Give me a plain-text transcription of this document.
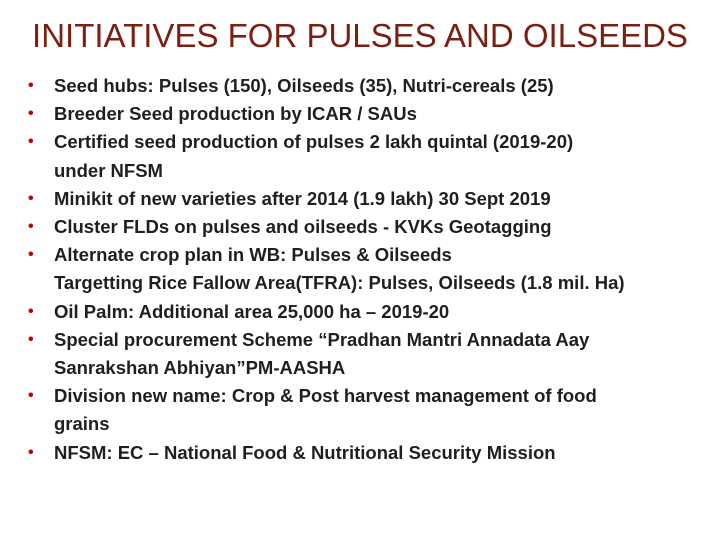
INITIATIVES FOR PULSES AND OILSEEDS
•	Seed hubs: Pulses (150), Oilseeds (35), Nutri-cereals (25)
•	Breeder Seed production by ICAR / SAUs
•	Certified seed production of pulses 2 lakh quintal (2019-20)
under NFSM
•	Minikit of new varieties after 2014 (1.9 lakh) 30 Sept 2019
•	Cluster FLDs on pulses and oilseeds - KVKs Geotagging
•	Alternate crop plan in WB: Pulses & Oilseeds
Targetting Rice Fallow Area(TFRA): Pulses, Oilseeds (1.8 mil. Ha)
•	Oil Palm: Additional area 25,000 ha – 2019-20
•	Special procurement Scheme “Pradhan Mantri Annadata Aay
Sanrakshan Abhiyan”PM-AASHA
•	Division new name: Crop & Post harvest management of food
grains
•	NFSM: EC – National Food & Nutritional Security Mission
